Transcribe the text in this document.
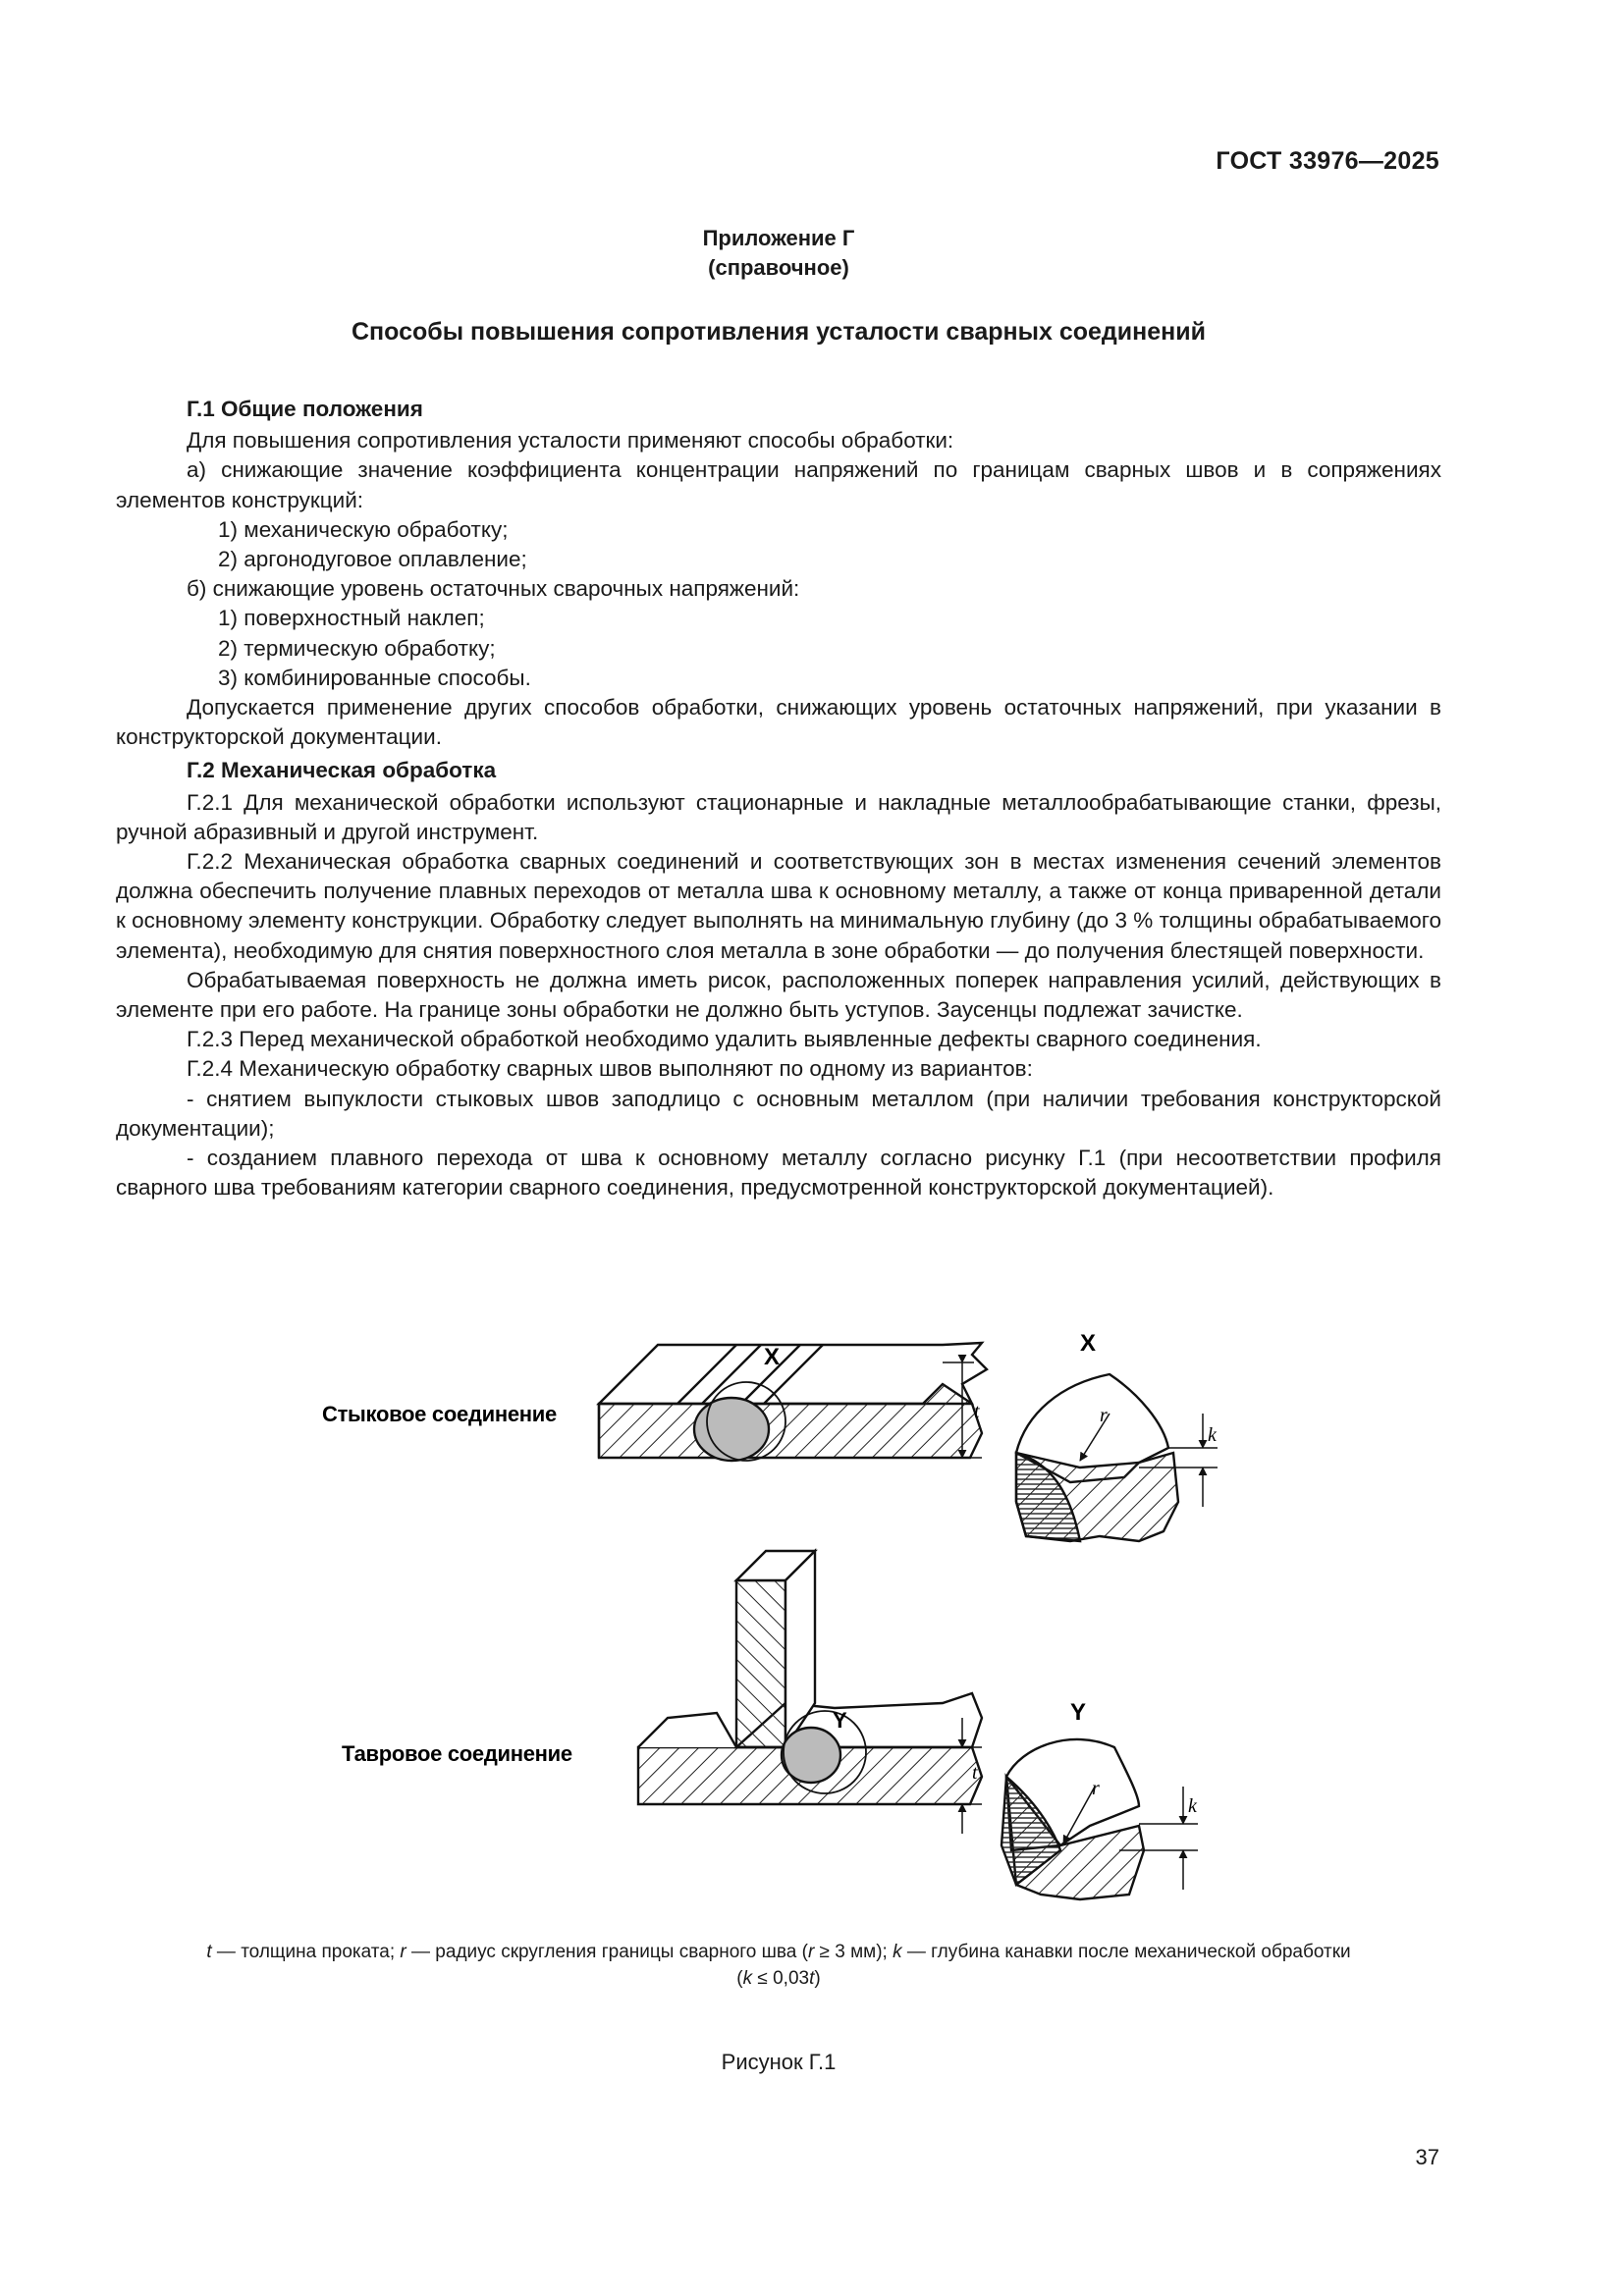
ГОСТ 33976—2025
Приложение Г
(справочное)
Способы повышения сопротивления усталости сварных соединений

Г.1 Общие положения

Для повышения сопротивления усталости применяют способы обработки:

а) снижающие значение коэффициента концентрации напряжений по границам сварных швов и в сопряжениях элементов конструкций:

1) механическую обработку;

2) аргонодуговое оплавление;

б) снижающие уровень остаточных сварочных напряжений:

1) поверхностный наклеп;

2) термическую обработку;

3) комбинированные способы.

Допускается применение других способов обработки, снижающих уровень остаточных напряжений, при указании в конструкторской документации.

Г.2 Механическая обработка

Г.2.1 Для механической обработки используют стационарные и накладные металлообрабатывающие станки, фрезы, ручной абразивный и другой инструмент.

Г.2.2 Механическая обработка сварных соединений и соответствующих зон в местах изменения сечений элементов должна обеспечить получение плавных переходов от металла шва к основному металлу, а также от конца приваренной детали к основному элементу конструкции. Обработку следует выполнять на минимальную глубину (до 3 % толщины обрабатываемого элемента), необходимую для снятия поверхностного слоя металла в зоне обработки — до получения блестящей поверхности.

Обрабатываемая поверхность не должна иметь рисок, расположенных поперек направления усилий, действующих в элементе при его работе. На границе зоны обработки не должно быть уступов. Заусенцы подлежат зачистке.

Г.2.3 Перед механической обработкой необходимо удалить выявленные дефекты сварного соединения.

Г.2.4 Механическую обработку сварных швов выполняют по одному из вариантов:

- снятием выпуклости стыковых швов заподлицо с основным металлом (при наличии требования конструкторской документации);

- созданием плавного перехода от шва к основному металлу согласно рисунку Г.1 (при несоответствии профиля сварного шва требованиям категории сварного соединения, предусмотренной конструкторской документацией).

Стыковое соединение
X
t
X
k
r
Тавровое соединение
Y
t
Y
k
r
t — толщина проката; r — радиус скругления границы сварного шва (r ≥ 3 мм); k — глубина канавки после механической обработки
(k ≤ 0,03t)
Рисунок Г.1
37
